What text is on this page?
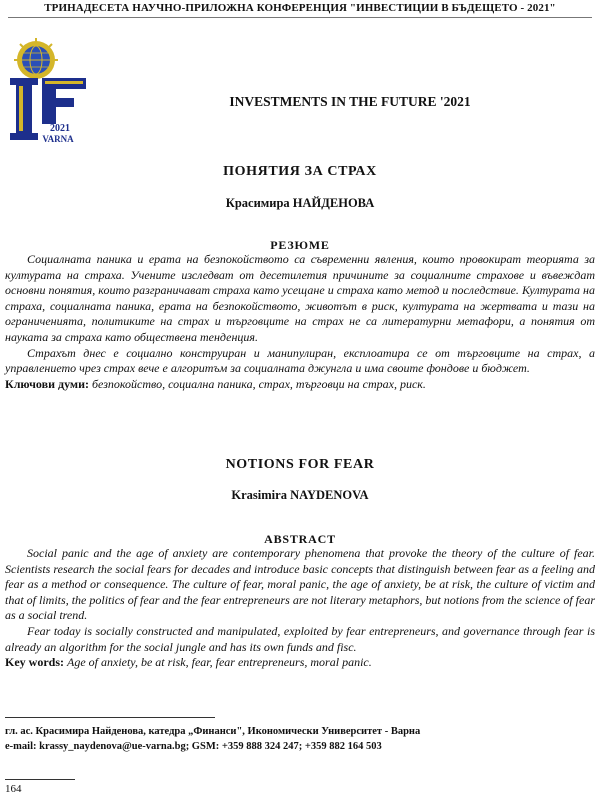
ТРИНАДЕСЕТА НАУЧНО-ПРИЛОЖНА КОНФЕРЕНЦИЯ "ИНВЕСТИЦИИ В БЪДЕЩЕТО - 2021"
2021
VARNA
INVESTMENTS IN THE FUTURE '2021
ПОНЯТИЯ ЗА СТРАХ
Красимира НАЙДЕНОВА
РЕЗЮМЕ

Социалната паника и ерата на безпокойството са съвременни явления, които провокират теорията за културата на страха. Учените изследват от десетилетия причините за социалните страхове и въвеждат основни понятия, които разграничават страха като усещане и страха като метод и последствие. Културата на страха, социалната паника, ерата на безпокойството, животът в риск, културата на жертвата и тази на ограниченията, политиките на страх и търговците на страх не са литературни метафори, а понятия от науката за страха като обществена тенденция.

Страхът днес е социално конструиран и манипулиран, експлоатира се от търговците на страх, а управлението чрез страх вече е алгоритъм за социалната джунгла и има своите фондове и бюджет.

Ключови думи: безпокойство, социална паника, страх, търговци на страх, риск.
NOTIONS FOR FEAR
Krasimira NAYDENOVA
ABSTRACT

Social panic and the age of anxiety are contemporary phenomena that provoke the theory of the culture of fear. Scientists research the social fears for decades and introduce basic concepts that distinguish between fear as a feeling and fear as a method or consequence. The culture of fear, moral panic, the age of anxiety, be at risk, the culture of victim and that of limits, the politics of fear and the fear entrepreneurs are not literary metaphors, but notions from the science of fear as a social trend.

Fear today is socially constructed and manipulated, exploited by fear entrepreneurs, and governance through fear is already an algorithm for the social jungle and has its own funds and fisc.

Key words: Age of anxiety, be at risk, fear, fear entrepreneurs, moral panic.
гл. ас. Красимира Найденова, катедра „Финанси", Икономически Университет - Варна
e-mail: krassy_naydenova@ue-varna.bg; GSM: +359 888 324 247; +359 882 164 503
164
